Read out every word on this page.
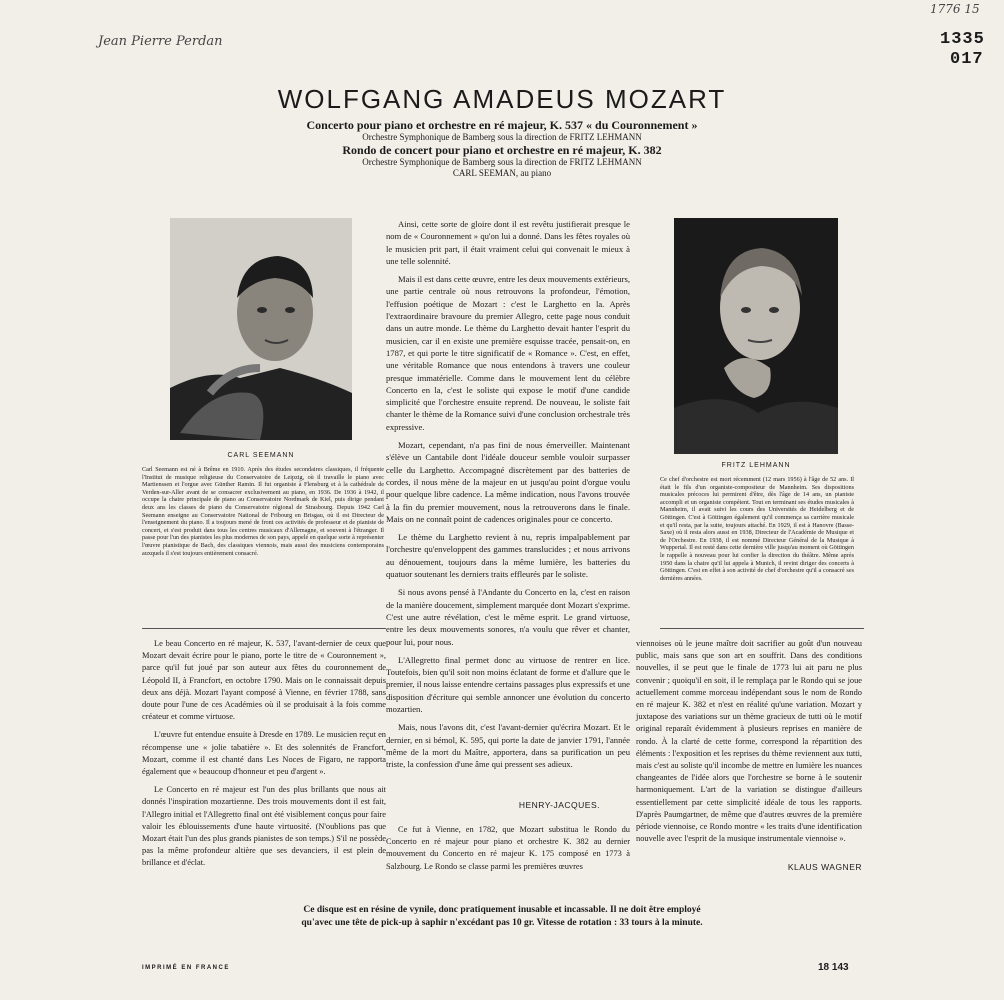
Jean Pierre Perdan
1776 15
1335
017
WOLFGANG AMADEUS MOZART
Concerto pour piano et orchestre en ré majeur, K. 537 « du Couronnement »
Orchestre Symphonique de Bamberg sous la direction de FRITZ LEHMANN
Rondo de concert pour piano et orchestre en ré majeur, K. 382
Orchestre Symphonique de Bamberg sous la direction de FRITZ LEHMANN
CARL SEEMAN, au piano
CARL SEEMANN
Carl Seemann est né à Brême en 1910. Après des études secondaires classiques, il fréquente l'Institut de musique religieuse du Conservatoire de Leipzig, où il travaille le piano avec Martienssen et l'orgue avec Günther Ramin. Il fut organiste à Flensburg et à la cathédrale de Verden-sur-Aller avant de se consacrer exclusivement au piano, en 1936. De 1936 à 1942, il occupe la chaire principale de piano au Conservatoire Nordmark de Kiel, puis dirige pendant deux ans les classes de piano du Conservatoire régional de Strasbourg. Depuis 1942 Carl Seemann enseigne au Conservatoire National de Fribourg en Brisgau, où il est Directeur de l'enseignement du piano. Il a toujours mené de front ces activités de professeur et de pianiste de concert, et s'est produit dans tous les centres musicaux d'Allemagne, et souvent à l'étranger. Il passe pour l'un des pianistes les plus modernes de son pays, appelé en quelque sorte à représenter l'œuvre pianistique de Bach, des classiques viennois, mais aussi des musiciens contemporains auxquels il s'est toujours entièrement consacré.
FRITZ LEHMANN
Ce chef d'orchestre est mort récemment (12 mars 1956) à l'âge de 52 ans. Il était le fils d'un organiste-compositeur de Mannheim. Ses dispositions musicales précoces lui permirent d'être, dès l'âge de 14 ans, un pianiste accompli et un organiste compétent. Tout en terminant ses études musicales à Mannheim, il avait suivi les cours des Universités de Heidelberg et de Göttingen. C'est à Göttingen également qu'il commença sa carrière musicale et qu'il resta, par la suite, toujours attaché. En 1929, il est à Hanovre (Basse-Saxe) où il resta alors aussi en 1938, Directeur de l'Académie de Musique et de l'Orchestre. En 1938, il est nommé Directeur Général de la Musique à Wuppertal. Il est resté dans cette dernière ville jusqu'au moment où Göttingen le rappelle à nouveau pour lui confier la direction du théâtre. Même après 1950 dans la chaire qu'il lui appela à Munich, il revint diriger des concerts à Göttingen. C'est en effet à son activité de chef d'orchestre qu'il a consacré ses dernières années.

Ainsi, cette sorte de gloire dont il est revêtu justifierait presque le nom de « Couronnement » qu'on lui a donné. Dans les fêtes royales où le musicien prit part, il était vraiment celui qui convenait le mieux à une telle solennité.

Mais il est dans cette œuvre, entre les deux mouvements extérieurs, une partie centrale où nous retrouvons la profondeur, l'émotion, l'effusion poétique de Mozart : c'est le Larghetto en la. Après l'extraordinaire bravoure du premier Allegro, cette page nous conduit dans un autre monde. Le thème du Larghetto devait hanter l'esprit du musicien, car il en existe une première esquisse tracée, pensait-on, en 1787, et qui porte le titre significatif de « Romance ». C'est, en effet, une véritable Romance que nous entendons à travers une couleur presque immatérielle. Comme dans le mouvement lent du célèbre Concerto en la, c'est le soliste qui expose le motif d'une candide simplicité que l'orchestre ensuite reprend. De nouveau, le soliste fait chanter le thème de la Romance suivi d'une conclusion orchestrale très expressive.

Mozart, cependant, n'a pas fini de nous émerveiller. Maintenant s'élève un Cantabile dont l'idéale douceur semble vouloir surpasser celle du Larghetto. Accompagné discrètement par des batteries de cordes, il nous mène de la majeur en ut jusqu'au point d'orgue voulu pour quelque libre cadence. La même indication, nous l'avons trouvée à la fin du premier mouvement, nous la retrouverons dans le finale. Mais on ne connaît point de cadences originales pour ce concerto.

Le thème du Larghetto revient à nu, repris impalpablement par l'orchestre qu'enveloppent des gammes translucides ; et nous arrivons au dénouement, toujours dans la même lumière, les batteries du quatuor soutenant les derniers traits effleurés par le soliste.

Si nous avons pensé à l'Andante du Concerto en la, c'est en raison de la manière doucement, simplement marquée dont Mozart s'exprime. C'est une autre révélation, c'est le même esprit. Le grand virtuose, entre les deux mouvements sonores, n'a voulu que rêver et chanter, pour lui, pour nous.

L'Allegretto final permet donc au virtuose de rentrer en lice. Toutefois, bien qu'il soit non moins éclatant de forme et d'allure que le premier, il nous laisse entendre certains passages plus expressifs et une disposition d'écriture qui semble annoncer une évolution du concerto mozartien.

Mais, nous l'avons dit, c'est l'avant-dernier qu'écrira Mozart. Et le dernier, en si bémol, K. 595, qui porte la date de janvier 1791, l'année même de la mort du Maître, apportera, dans sa purification un peu triste, la confession d'une âme qui pressent ses adieux.

HENRY-JACQUES.

Le beau Concerto en ré majeur, K. 537, l'avant-dernier de ceux que Mozart devait écrire pour le piano, porte le titre de « Couronnement », parce qu'il fut joué par son auteur aux fêtes du couronnement de Léopold II, à Francfort, en octobre 1790. Mais on le connaissait depuis deux ans déjà. Mozart l'ayant composé à Vienne, en février 1788, sans doute pour l'une de ces Académies où il se produisait à la fois comme créateur et comme virtuose.

L'œuvre fut entendue ensuite à Dresde en 1789. Le musicien reçut en récompense une « jolie tabatière ». Et des solennités de Francfort, Mozart, comme il est chanté dans Les Noces de Figaro, ne rapporta également que « beaucoup d'honneur et peu d'argent ».

Le Concerto en ré majeur est l'un des plus brillants que nous ait donnés l'inspiration mozartienne. Des trois mouvements dont il est fait, l'Allegro initial et l'Allegretto final ont été visiblement conçus pour faire valoir les éblouissements d'une haute virtuosité. (N'oublions pas que Mozart était l'un des plus grands pianistes de son temps.) S'il ne possède pas la même profondeur altière que ses devanciers, il est plein de brillance et d'éclat.

Ce fut à Vienne, en 1782, que Mozart substitua le Rondo du Concerto en ré majeur pour piano et orchestre K. 382 au dernier mouvement du Concerto en ré majeur K. 175 composé en 1773 à Salzbourg. Le Rondo se classe parmi les premières œuvres

viennoises où le jeune maître doit sacrifier au goût d'un nouveau public, mais sans que son art en souffrit. Dans des conditions nouvelles, il se peut que le finale de 1773 lui ait paru ne plus convenir ; quoiqu'il en soit, il le remplaça par le Rondo qui se joue actuellement comme morceau indépendant sous le nom de Rondo en ré majeur K. 382 et n'est en réalité qu'une variation. Mozart y juxtapose des variations sur un thème gracieux de tutti où le motif original reparaît évidemment à plusieurs reprises en manière de rondo. À la clarté de cette forme, correspond la répartition des éléments : l'exposition et les reprises du thème reviennent aux tutti, mais c'est au soliste qu'il incombe de mettre en lumière les nuances changeantes de l'idée alors que l'orchestre se borne à le soutenir harmoniquement. L'art de la variation se distingue d'ailleurs essentiellement par cette simplicité idéale de tous les rapports. D'après Paumgartner, de même que d'autres œuvres de la première période viennoise, ce Rondo montre « les traits d'une identification nouvelle avec l'esprit de la musique instrumentale viennoise ».

KLAUS WAGNER
Ce disque est en résine de vynile, donc pratiquement inusable et incassable. Il ne doit être employé
qu'avec une tête de pick-up à saphir n'excédant pas 10 gr. Vitesse de rotation : 33 tours à la minute.
IMPRIMÉ EN FRANCE	18 143
